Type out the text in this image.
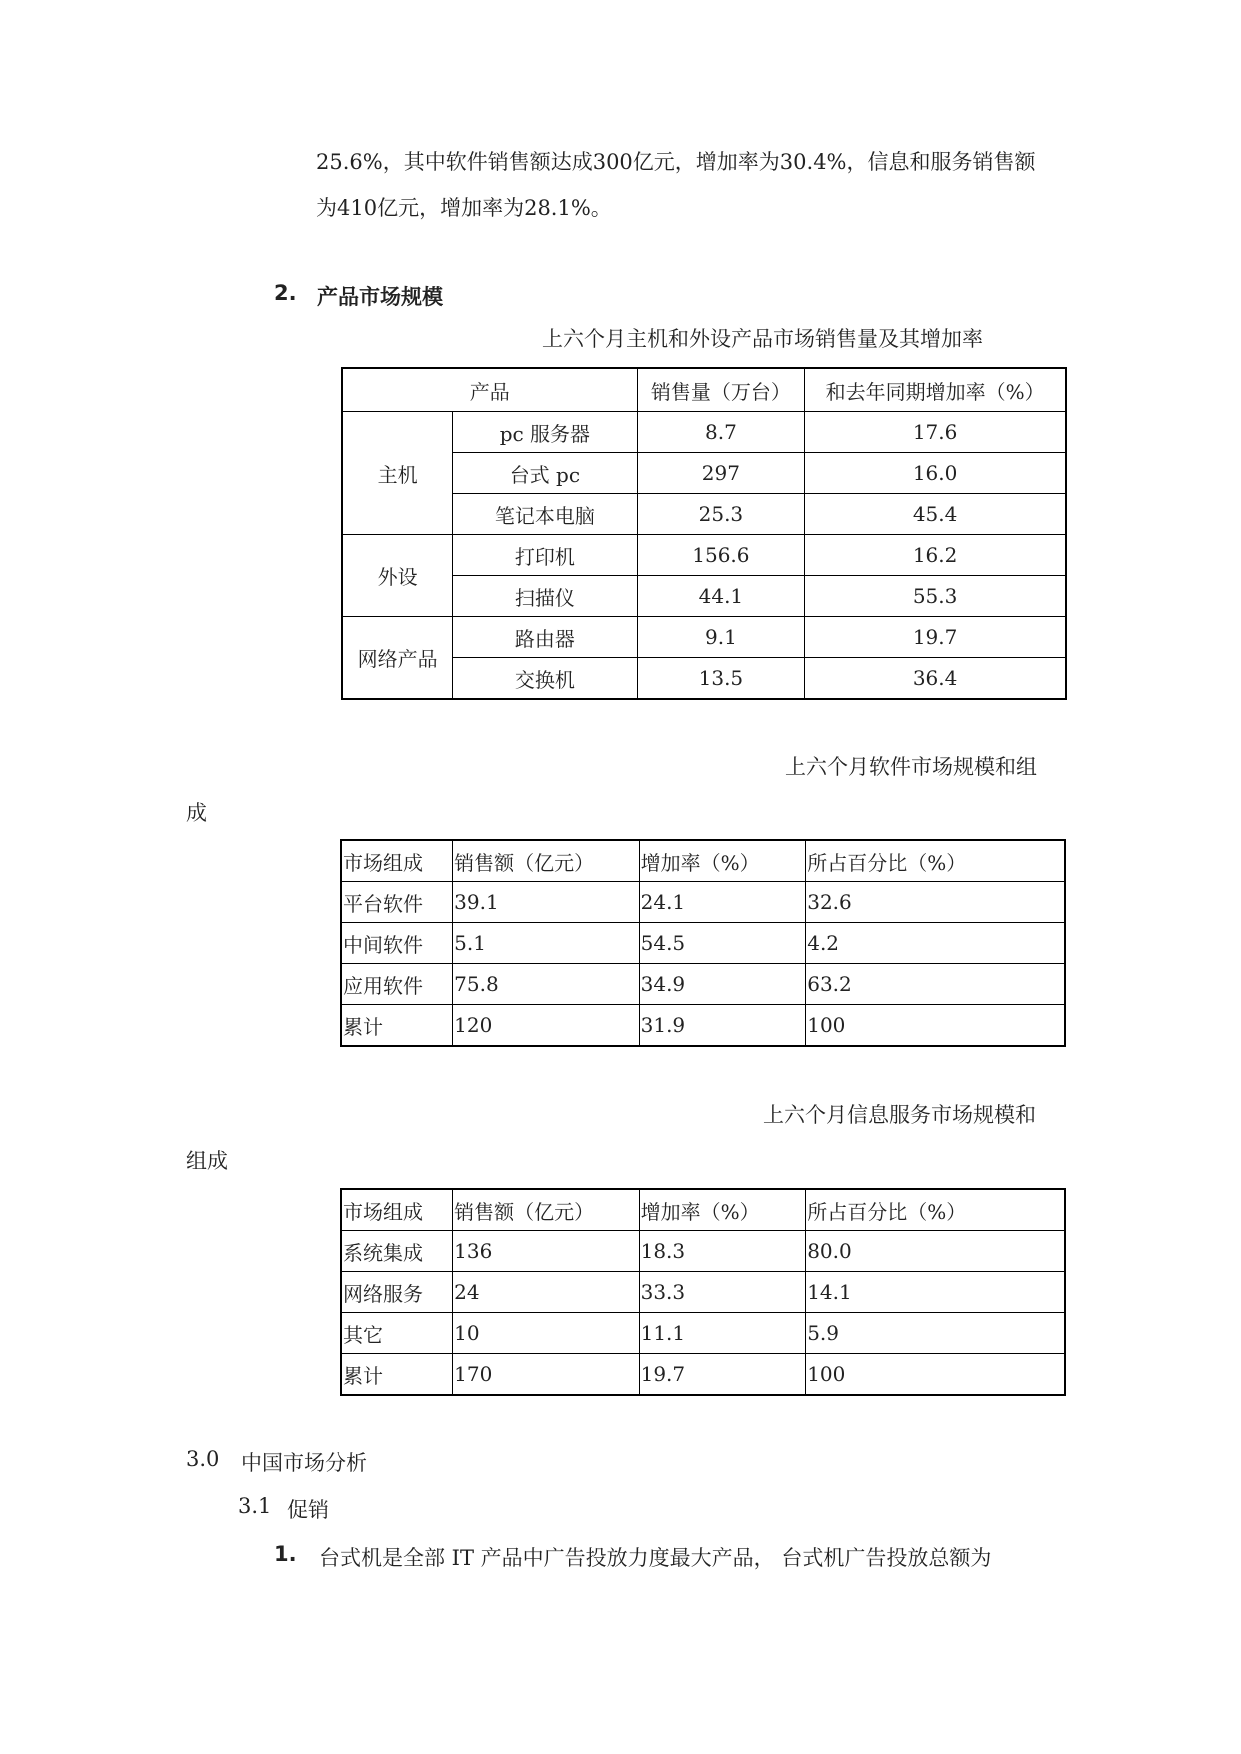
25.6%，其中软件销售额达成300亿元，增加率为30.4%，信息和服务销售额
为410亿元，增加率为28.1%。
2. 产品市场规模
上六个月主机和外设产品市场销售量及其增加率
产品		销售量（万台）	和去年同期增加率（%）
主机	pc 服务器	8.7	17.6
	台式 pc	297	16.0
	笔记本电脑	25.3	45.4
外设	打印机	156.6	16.2
	扫描仪	44.1	55.3
网络产品	路由器	9.1	19.7
	交换机	13.5	36.4
上六个月软件市场规模和组
成
市场组成	销售额（亿元）	增加率（%）	所占百分比（%）
平台软件	39.1	24.1	32.6
中间软件	5.1	54.5	4.2
应用软件	75.8	34.9	63.2
累计	120	31.9	100
上六个月信息服务市场规模和
组成
市场组成	销售额（亿元）	增加率（%）	所占百分比（%）
系统集成	136	18.3	80.0
网络服务	24	33.3	14.1
其它	10	11.1	5.9
累计	170	19.7	100
3.0 中国市场分析
3.1 促销
1. 台式机是全部 IT 产品中广告投放力度最大产品， 台式机广告投放总额为
